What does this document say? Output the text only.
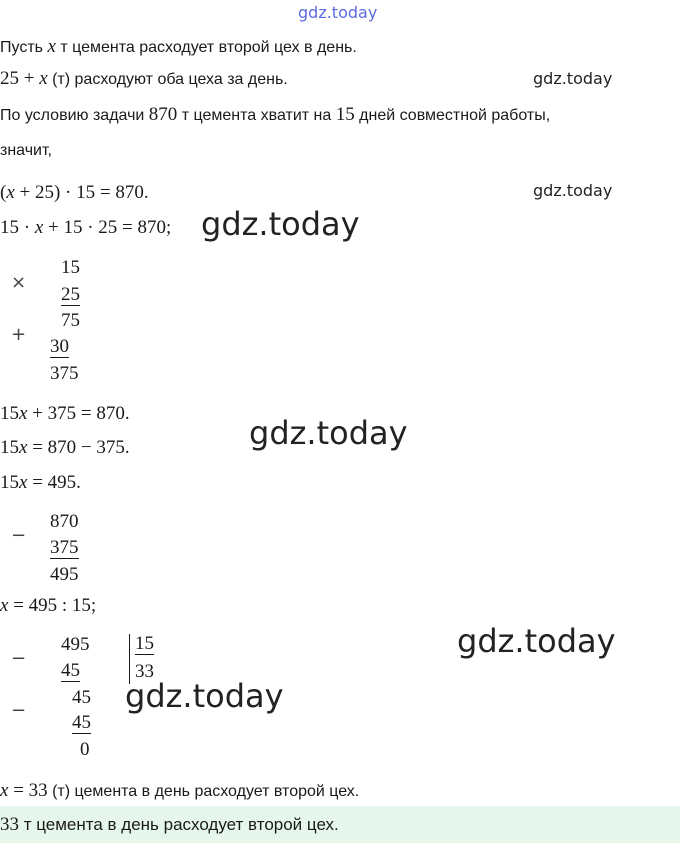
gdz.today
gdz.today
gdz.today
gdz.today
gdz.today
gdz.today
gdz.today
Пусть x т цемента расходует второй цех в день.
25 + x (т) расходуют оба цеха за день.
По условию задачи 870 т цемента хватит на 15 дней совместной работы,
значит,
(x + 25) · 15 = 870.
15 · x + 15 · 25 = 870;
×
+
15
25
75
30
375
15x + 375 = 870.
15x = 870 − 375.
15x = 495.
−
870
375
495
x = 495 : 15;
−
−
495
45
45
45
0
15
33
x = 33 (т) цемента в день расходует второй цех.
33 т цемента в день расходует второй цех.
